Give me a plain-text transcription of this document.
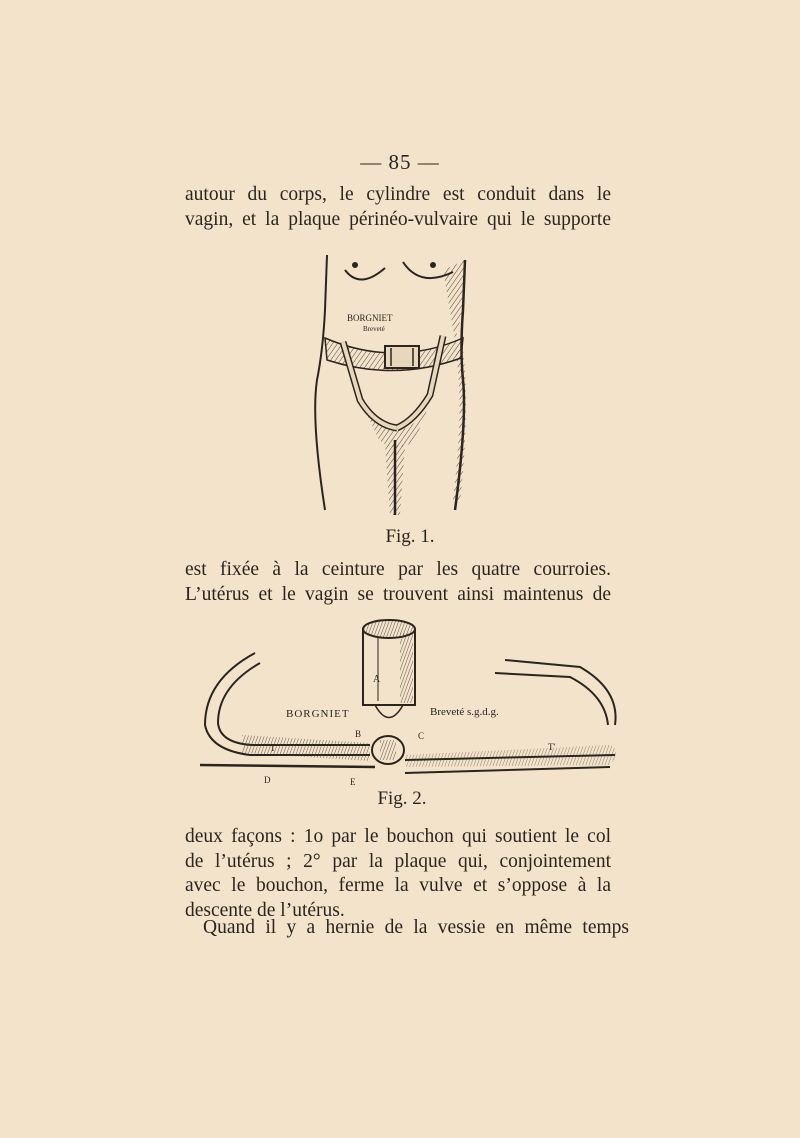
— 85 —

autour du corps, le cylindre est conduit dans le
vagin, et la plaque périnéo-vulvaire qui le supporte

BORGNIET
Breveté
Fig. 1.

est fixée à la ceinture par les quatre courroies.
L’utérus et le vagin se trouvent ainsi maintenus de

BORGNIET	Breveté s.g.d.g.
A
B	C
T	T'
D	E
Fig. 2.

deux façons : 1o par le bouchon qui soutient le col
de l’utérus ; 2° par la plaque qui, conjointement
avec le bouchon, ferme la vulve et s’oppose à la
descente de l’utérus.

Quand il y a hernie de la vessie en même temps
